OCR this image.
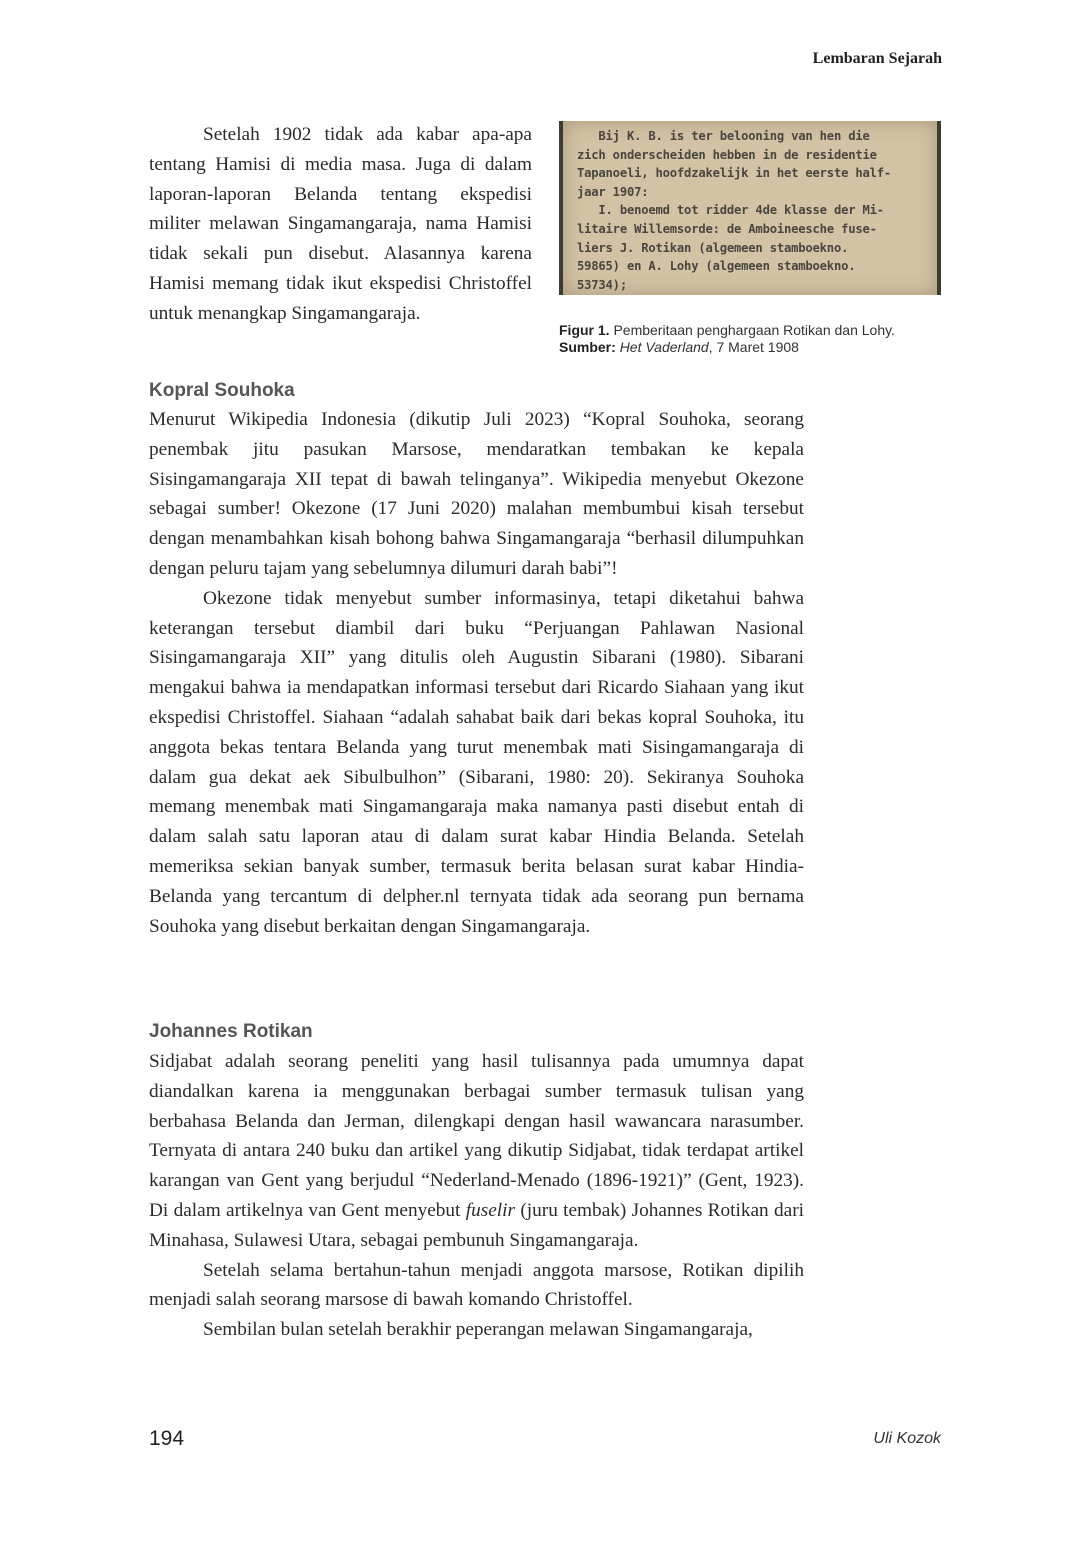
Lembaran Sejarah

Setelah 1902 tidak ada kabar apa-apa tentang Hamisi di media masa. Juga di dalam laporan-laporan Belanda tentang ekspedisi militer melawan Singamangaraja, nama Hamisi tidak sekali pun disebut. Alasannya karena Hamisi memang tidak ikut ekspedisi Christoffel untuk menangkap Singamangaraja.

Bij K. B. is ter belooning van hen die
zich onderscheiden hebben in de residentie
Tapanoeli, hoofdzakelijk in het eerste half-
jaar 1907:
I. benoemd tot ridder 4de klasse der Mi-
litaire Willemsorde: de Amboineesche fuse-
liers J. Rotikan (algemeen stamboekno.
59865) en A. Lohy (algemeen stamboekno.
53734);
Figur 1. Pemberitaan penghargaan Rotikan dan Lohy.
Sumber: Het Vaderland, 7 Maret 1908
Kopral Souhoka

Menurut Wikipedia Indonesia (dikutip Juli 2023) “Kopral Souhoka, seorang penembak jitu pasukan Marsose, mendaratkan tembakan ke kepala Sisingamangaraja XII tepat di bawah telinganya”. Wikipedia menyebut Okezone sebagai sumber! Okezone (17 Juni 2020) malahan membumbui kisah tersebut dengan menambahkan kisah bohong bahwa Singamangaraja “berhasil dilumpuhkan dengan peluru tajam yang sebelumnya dilumuri darah babi”!

Okezone tidak menyebut sumber informasinya, tetapi diketahui bahwa keterangan tersebut diambil dari buku “Perjuangan Pahlawan Nasional Sisingamangaraja XII” yang ditulis oleh Augustin Sibarani (1980). Sibarani mengakui bahwa ia mendapatkan informasi tersebut dari Ricardo Siahaan yang ikut ekspedisi Christoffel. Siahaan “adalah sahabat baik dari bekas kopral Souhoka, itu anggota bekas tentara Belanda yang turut menembak mati Sisingamangaraja di dalam gua dekat aek Sibulbulhon” (Sibarani, 1980: 20). Sekiranya Souhoka memang menembak mati Singamangaraja maka namanya pasti disebut entah di dalam salah satu laporan atau di dalam surat kabar Hindia Belanda. Setelah memeriksa sekian banyak sumber, termasuk berita belasan surat kabar Hindia-Belanda yang tercantum di delpher.nl ternyata tidak ada seorang pun bernama Souhoka yang disebut berkaitan dengan Singamangaraja.

Johannes Rotikan

Sidjabat adalah seorang peneliti yang hasil tulisannya pada umumnya dapat diandalkan karena ia menggunakan berbagai sumber termasuk tulisan yang berbahasa Belanda dan Jerman, dilengkapi dengan hasil wawancara narasumber. Ternyata di antara 240 buku dan artikel yang dikutip Sidjabat, tidak terdapat artikel karangan van Gent yang berjudul “Nederland-Menado (1896-1921)” (Gent, 1923). Di dalam artikelnya van Gent menyebut fuselir (juru tembak) Johannes Rotikan dari Minahasa, Sulawesi Utara, sebagai pembunuh Singamangaraja.

Setelah selama bertahun-tahun menjadi anggota marsose, Rotikan dipilih menjadi salah seorang marsose di bawah komando Christoffel.

Sembilan bulan setelah berakhir peperangan melawan Singamangaraja,

194	Uli Kozok
